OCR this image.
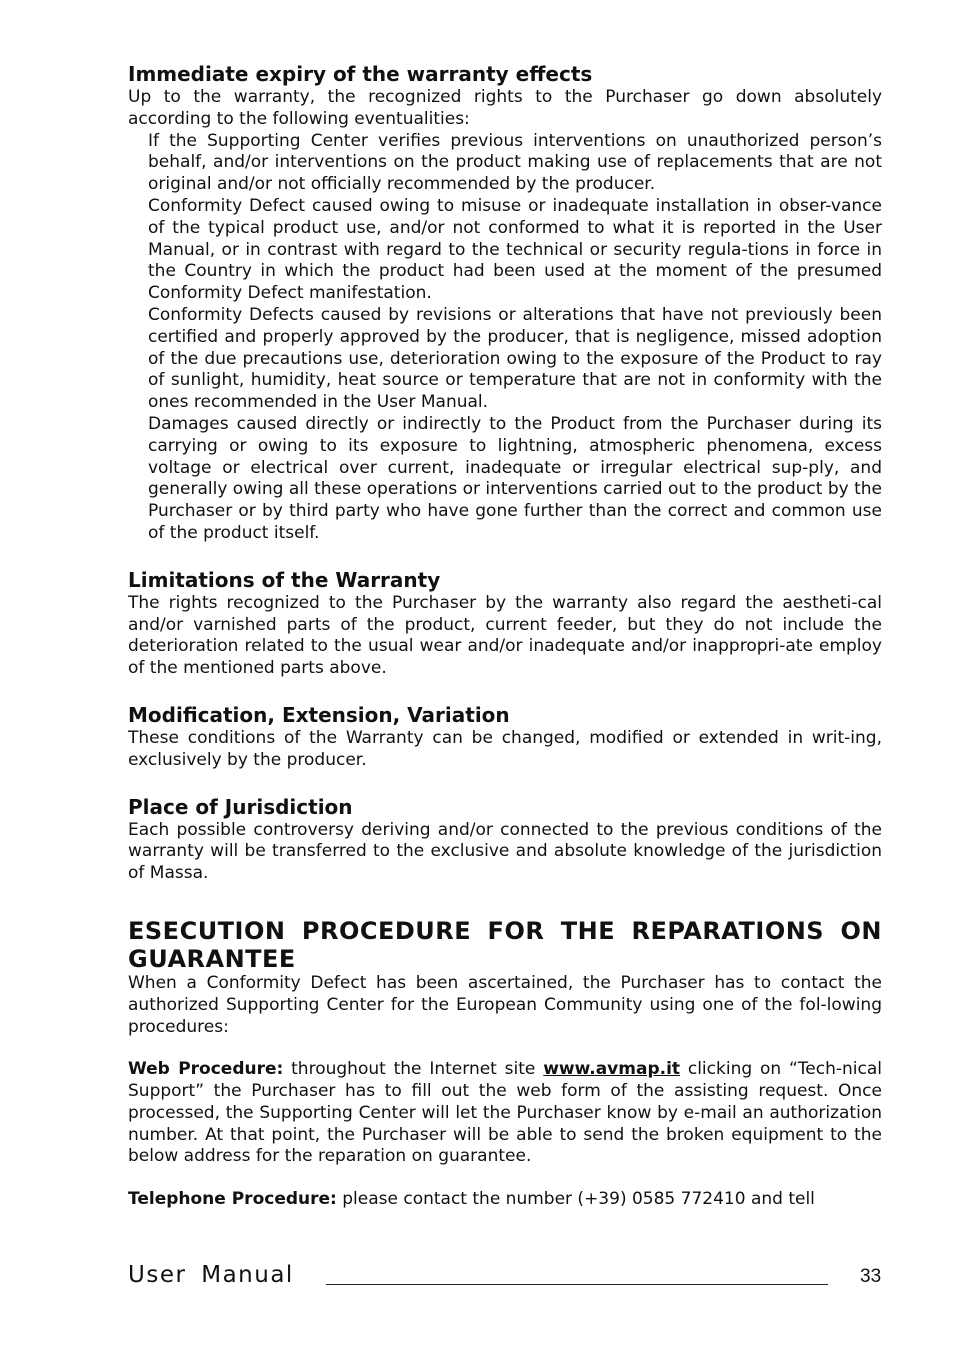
Immediate expiry of the warranty effects

Up to the warranty, the recognized rights to the Purchaser go down absolutely according to the following eventualities:

If the Supporting Center verifies previous interventions on unauthorized person’s behalf, and/or interventions on the product making use of replacements that are not original and/or not officially recommended by the producer.

Conformity Defect caused owing to misuse or inadequate installation in obser-vance of the typical product use, and/or not conformed to what it is reported in the User Manual, or in contrast with regard to the technical or security regula-tions in force in the Country in which the product had been used at the moment of the presumed Conformity Defect manifestation.

Conformity Defects caused by revisions or alterations that have not previously been certified and properly approved by the producer, that is negligence, missed adoption of the due precautions use, deterioration owing to the exposure of the Product to ray of sunlight, humidity, heat source or temperature that are not in conformity with the ones recommended in the User Manual.

Damages caused directly or indirectly to the Product from the Purchaser during its carrying or owing to its exposure to lightning, atmospheric phenomena, excess voltage or electrical over current, inadequate or irregular electrical sup-ply, and generally owing all these operations or interventions carried out to the product by the Purchaser or by third party who have gone further than the correct and common use of the product itself.

Limitations of the Warranty

The rights recognized to the Purchaser by the warranty also regard the aestheti-cal and/or varnished parts of the product, current feeder, but they do not include the deterioration related to the usual wear and/or inadequate and/or inappropri-ate employ of the mentioned parts above.

Modification, Extension, Variation

These conditions of the Warranty can be changed, modified or extended in writ-ing, exclusively by the producer.

Place of Jurisdiction

Each possible controversy deriving and/or connected to the previous conditions of the warranty will be transferred to the exclusive and absolute knowledge of the jurisdiction of Massa.

ESECUTION PROCEDURE FOR THE REPARATIONS ON GUARANTEE

When a Conformity Defect has been ascertained, the Purchaser has to contact the authorized Supporting Center for the European Community using one of the fol-lowing procedures:

Web Procedure: throughout the Internet site www.avmap.it clicking on “Tech-nical Support” the Purchaser has to fill out the web form of the assisting request. Once processed, the Supporting Center will let the Purchaser know by e-mail an authorization number. At that point, the Purchaser will be able to send the broken equipment to the below address for the reparation on guarantee.

Telephone Procedure: please contact the number (+39) 0585 772410 and tell

User Manual	33
